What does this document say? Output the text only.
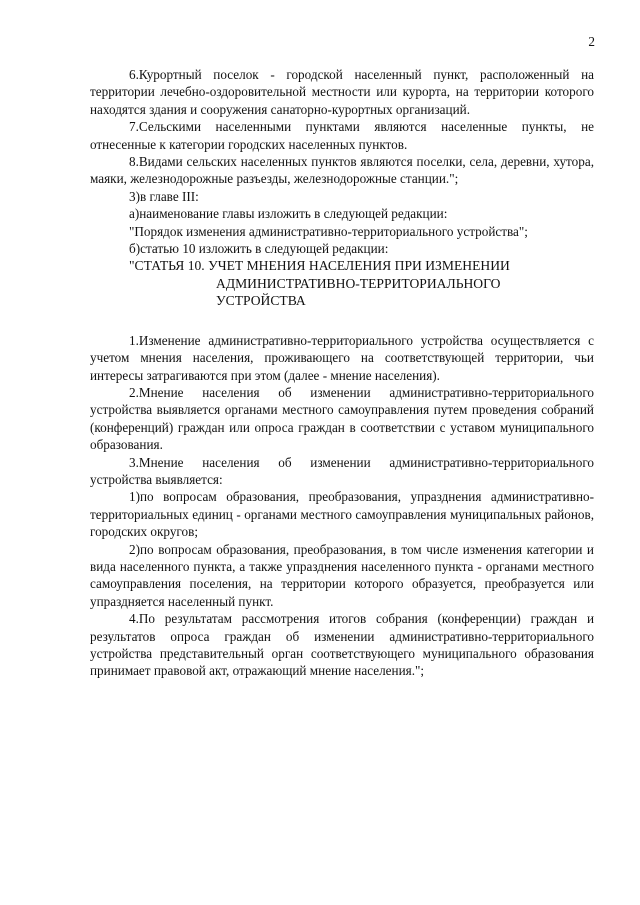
2

6.Курортный поселок - городской населенный пункт, расположенный на территории лечебно-оздоровительной местности или курорта, на территории которого находятся здания и сооружения санаторно-курортных организаций.

7.Сельскими населенными пунктами являются населенные пункты, не отнесенные к категории городских населенных пунктов.

8.Видами сельских населенных пунктов являются поселки, села, деревни, хутора, маяки, железнодорожные разъезды, железнодорожные станции.";

3)в главе III:

а)наименование главы изложить в следующей редакции:

"Порядок изменения административно-территориального устройства";

б)статью 10 изложить в следующей редакции:

"СТАТЬЯ 10. УЧЕТ МНЕНИЯ НАСЕЛЕНИЯ ПРИ ИЗМЕНЕНИИ

АДМИНИСТРАТИВНО-ТЕРРИТОРИАЛЬНОГО

УСТРОЙСТВА

1.Изменение административно-территориального устройства осуществляется с учетом мнения населения, проживающего на соответствующей территории, чьи интересы затрагиваются при этом (далее - мнение населения).

2.Мнение населения об изменении административно-территориального устройства выявляется органами местного самоуправления путем проведения собраний (конференций) граждан или опроса граждан в соответствии с уставом муниципального образования.

3.Мнение населения об изменении административно-территориального устройства выявляется:

1)по вопросам образования, преобразования, упразднения административно-территориальных единиц - органами местного самоуправления муниципальных районов, городских округов;

2)по вопросам образования, преобразования, в том числе изменения категории и вида населенного пункта, а также упразднения населенного пункта - органами местного самоуправления поселения, на территории которого образуется, преобразуется или упраздняется населенный пункт.

4.По результатам рассмотрения итогов собрания (конференции) граждан и результатов опроса граждан об изменении административно-территориального устройства представительный орган соответствующего муниципального образования принимает правовой акт, отражающий мнение населения.";
